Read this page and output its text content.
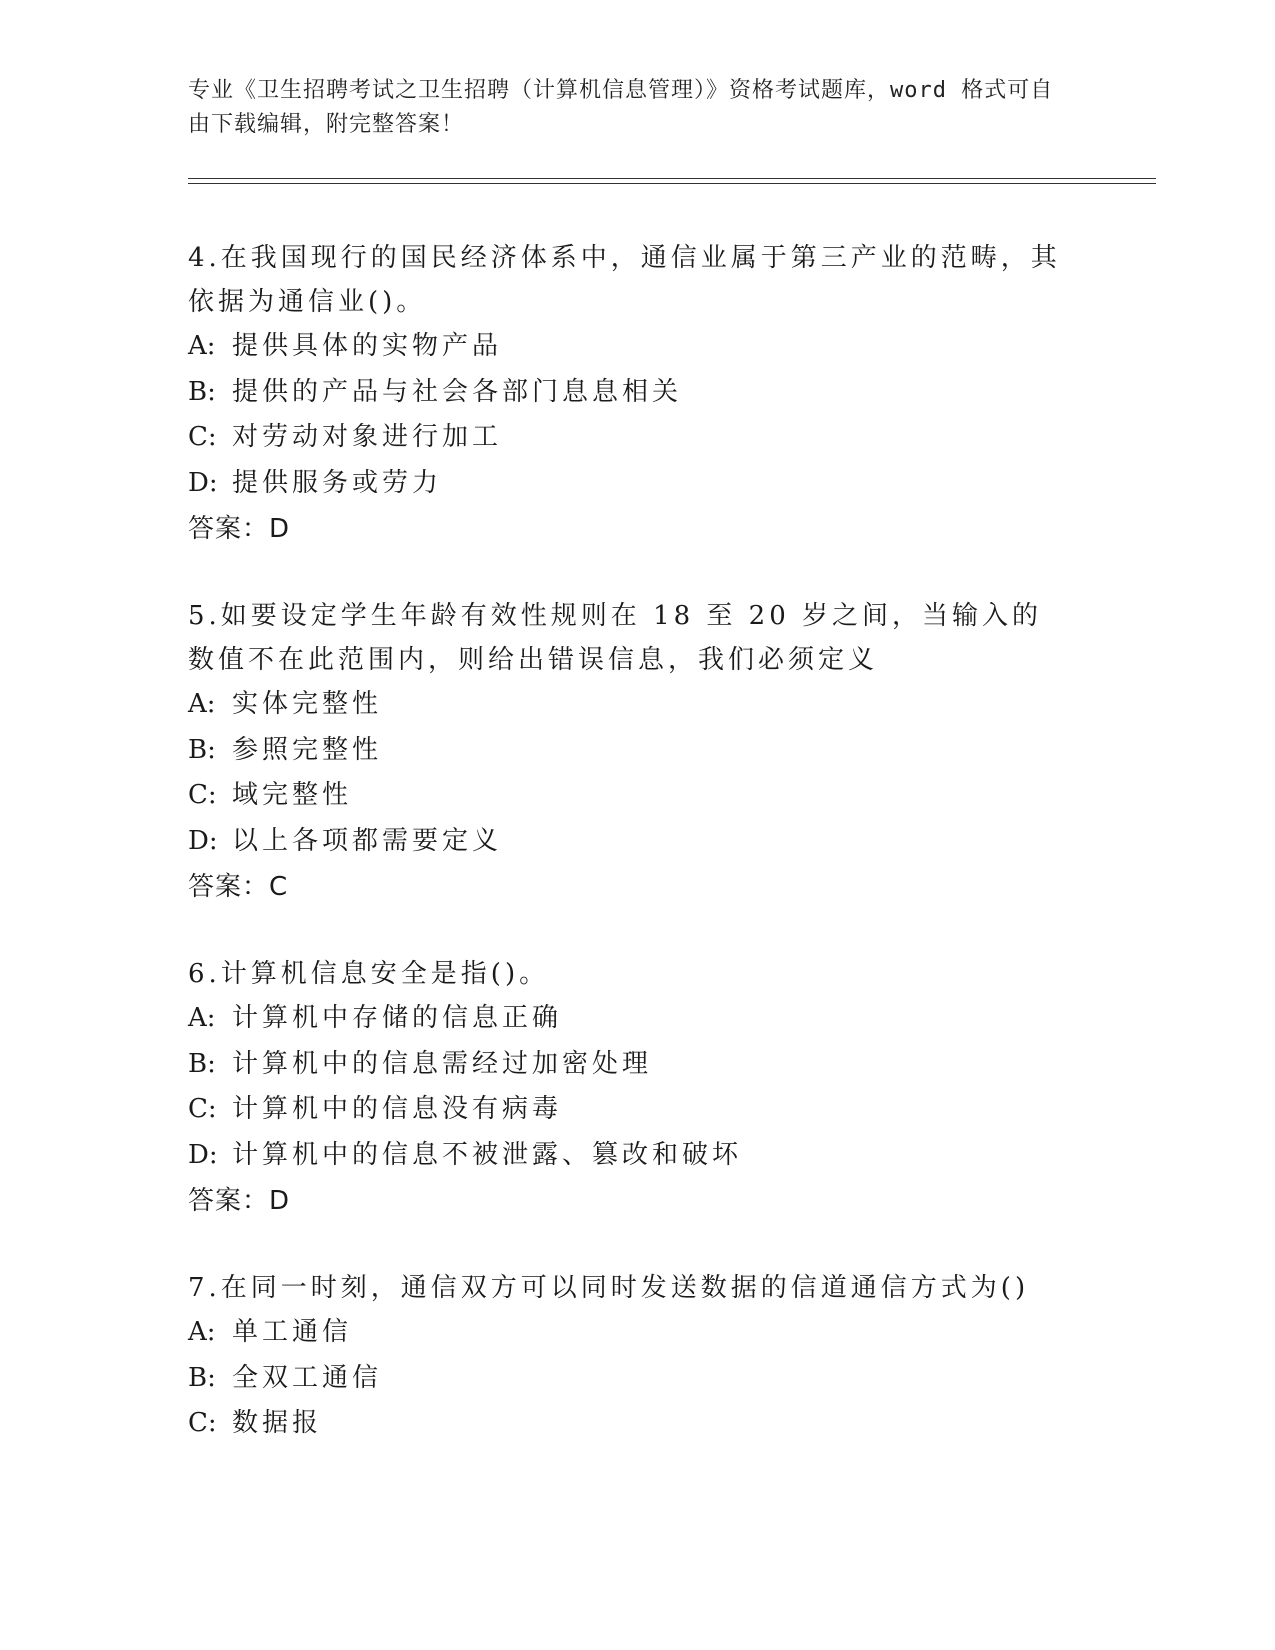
专业《卫生招聘考试之卫生招聘（计算机信息管理）》资格考试题库，word 格式可自由下载编辑，附完整答案！

4.在我国现行的国民经济体系中，通信业属于第三产业的范畴，其依据为通信业()。

A: 提供具体的实物产品

B: 提供的产品与社会各部门息息相关

C: 对劳动对象进行加工

D: 提供服务或劳力

答案：D

5.如要设定学生年龄有效性规则在 18 至 20 岁之间，当输入的数值不在此范围内，则给出错误信息，我们必须定义

A: 实体完整性

B: 参照完整性

C: 域完整性

D: 以上各项都需要定义

答案：C

6.计算机信息安全是指()。

A: 计算机中存储的信息正确

B: 计算机中的信息需经过加密处理

C: 计算机中的信息没有病毒

D: 计算机中的信息不被泄露、篡改和破坏

答案：D

7.在同一时刻，通信双方可以同时发送数据的信道通信方式为()

A: 单工通信

B: 全双工通信

C: 数据报
